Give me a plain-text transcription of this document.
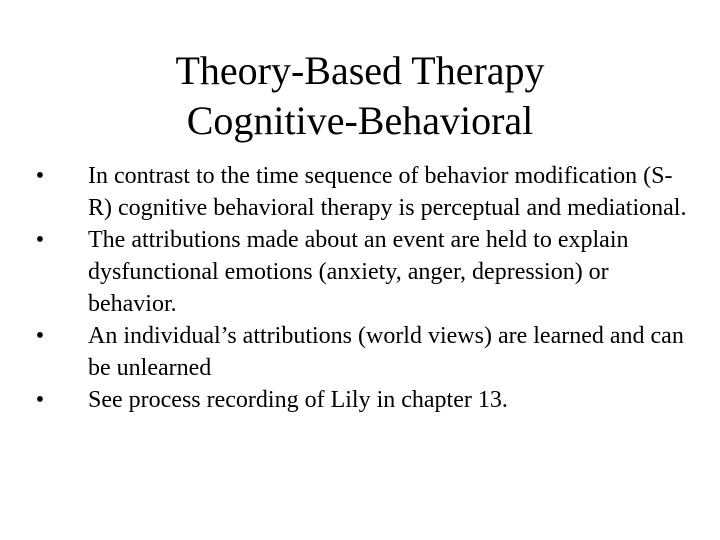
Theory-Based Therapy
Cognitive-Behavioral
• In contrast to the time sequence of behavior modification (S-R) cognitive behavioral therapy is perceptual and mediational.
• The attributions made about an event are held to explain dysfunctional emotions (anxiety, anger, depression) or behavior.
• An individual’s attributions (world views) are learned and can be unlearned
• See process recording of Lily in chapter 13.
